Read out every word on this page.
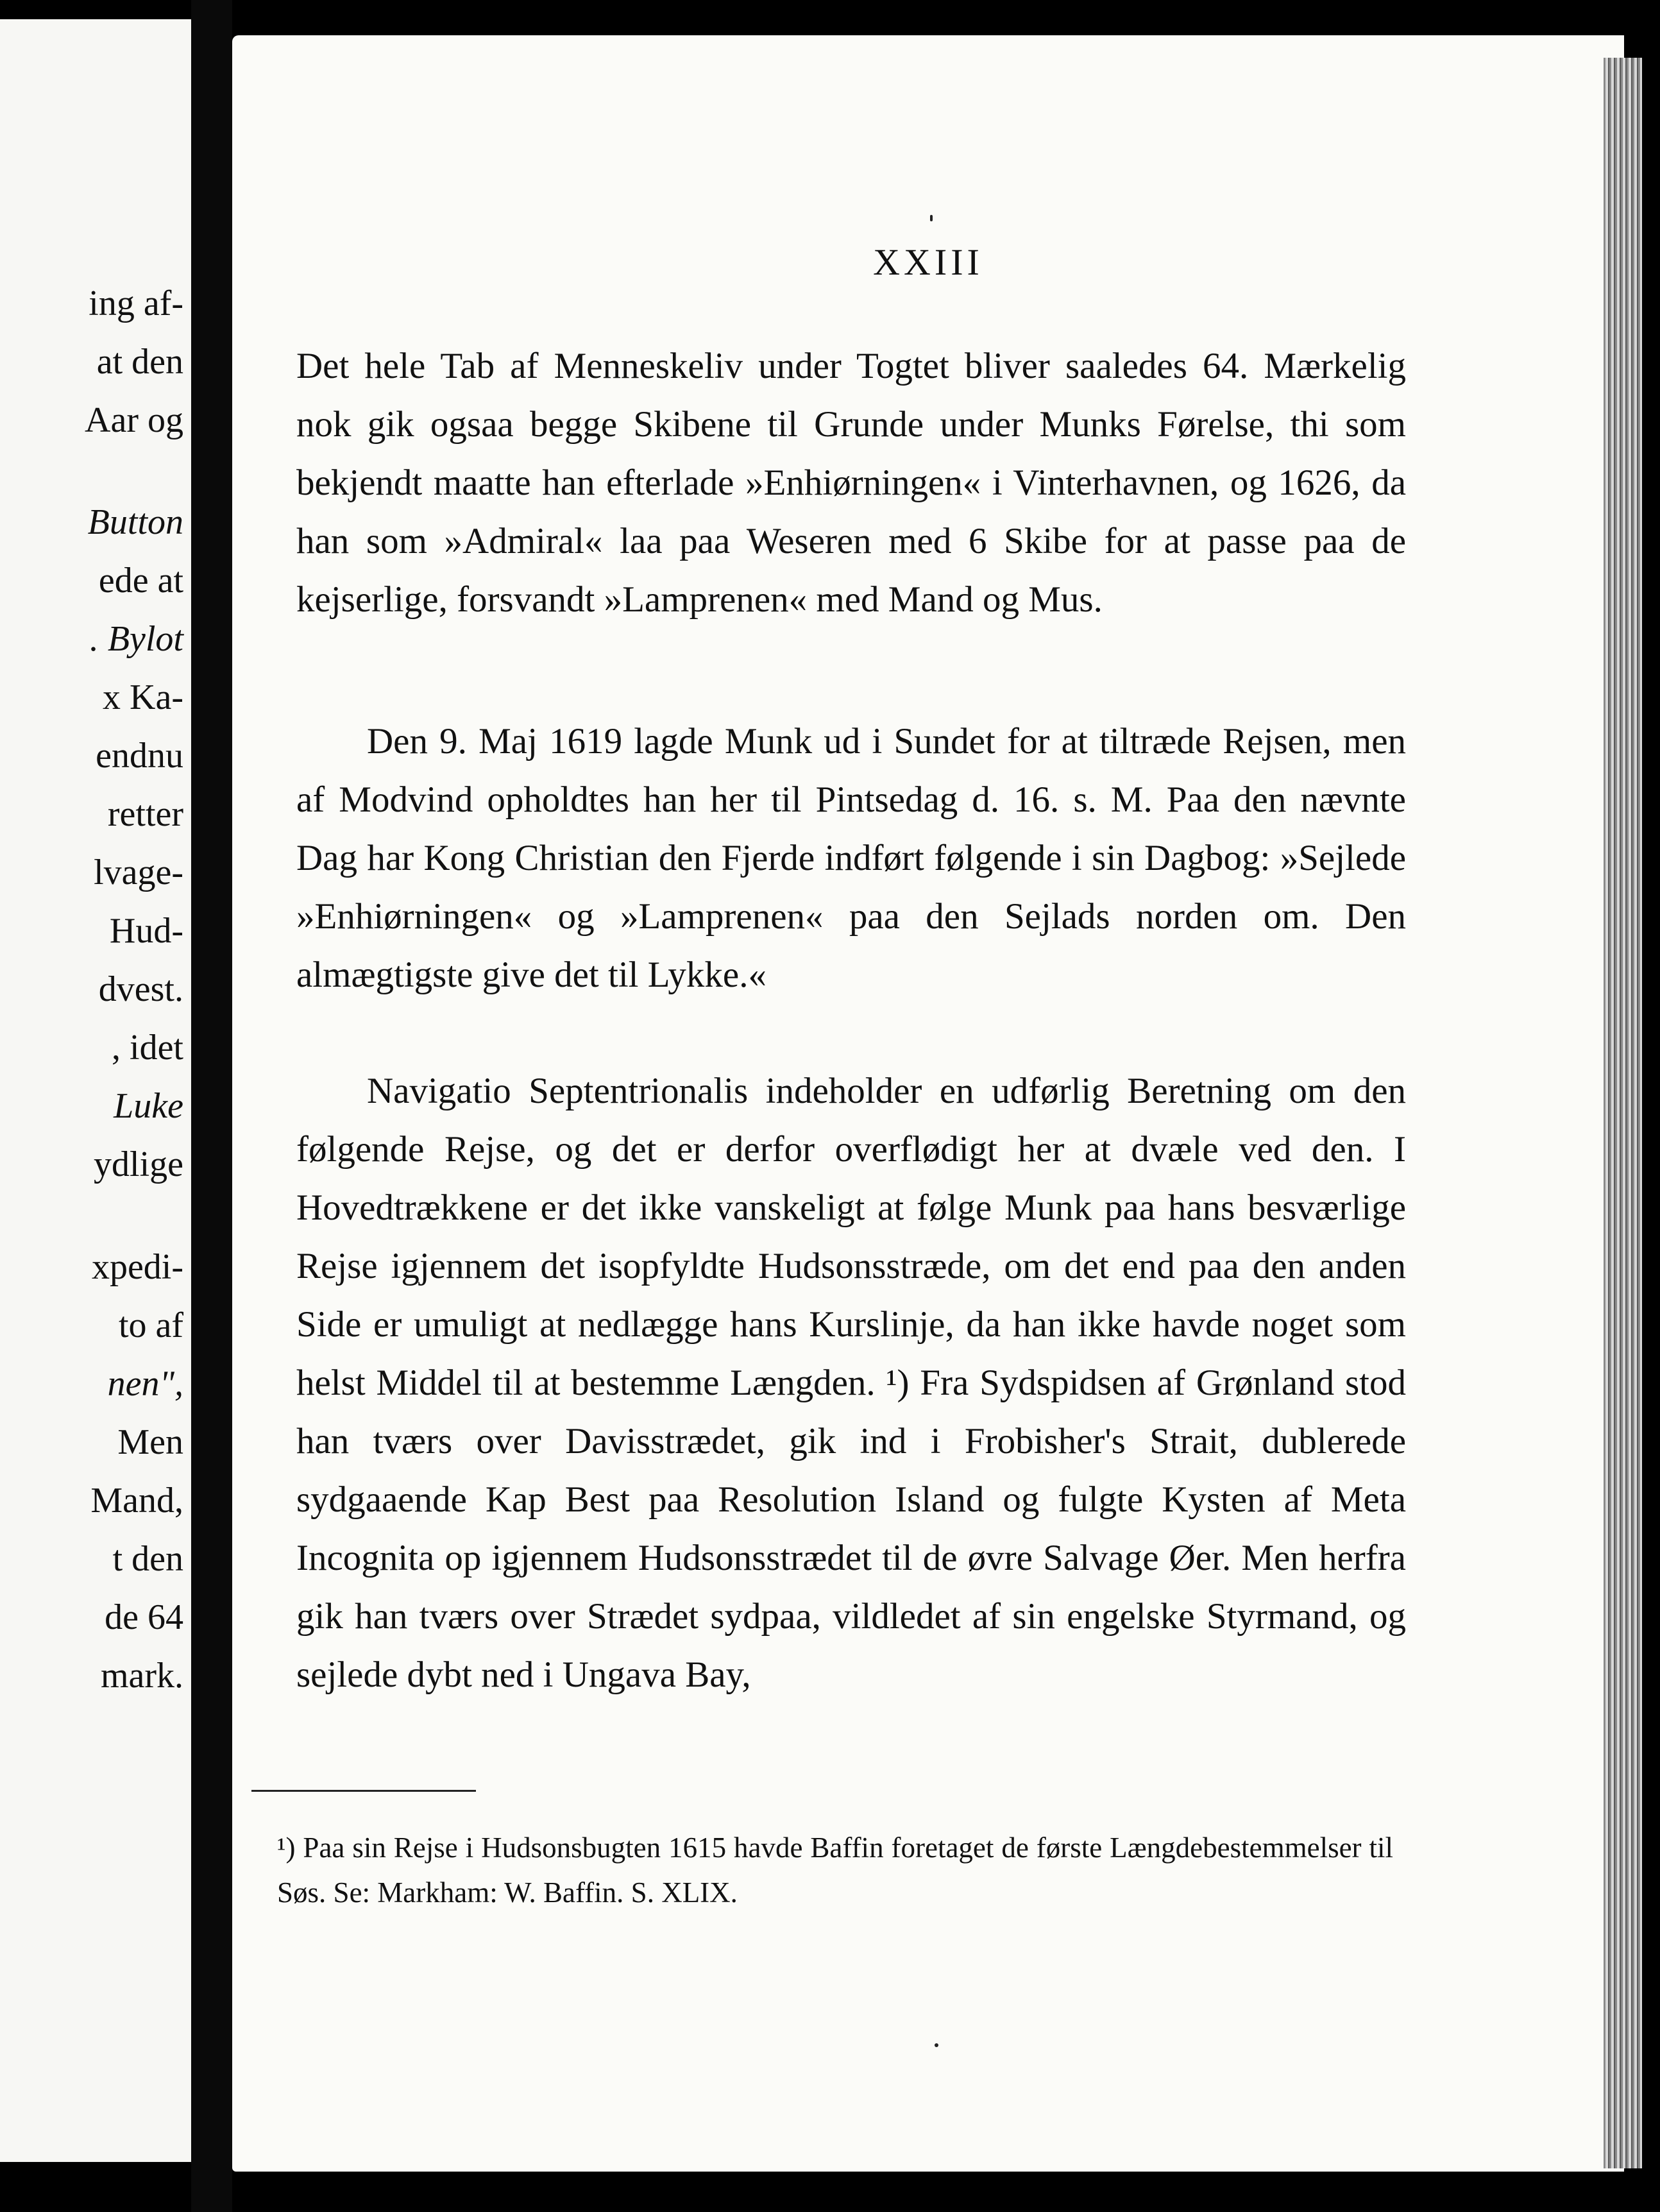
ing af-
at den
Aar og
Button
ede at
. Bylot
x Ka-
endnu
retter
lvage-
Hud-
dvest.
, idet
Luke
ydlige
xpedi-
to af
nen",
Men
Mand,
t den
de 64
mark.
XXIII

Det hele Tab af Menneskeliv under Togtet bliver saaledes 64. Mærkelig nok gik ogsaa begge Skibene til Grunde under Munks Førelse, thi som bekjendt maatte han efterlade »Enhiørningen« i Vinterhavnen, og 1626, da han som »Admiral« laa paa Weseren med 6 Skibe for at passe paa de kejserlige, forsvandt »Lamprenen« med Mand og Mus.

Den 9. Maj 1619 lagde Munk ud i Sundet for at tiltræde Rejsen, men af Modvind opholdtes han her til Pintsedag d. 16. s. M. Paa den nævnte Dag har Kong Christian den Fjerde indført følgende i sin Dagbog: »Sejlede »Enhiørningen« og »Lamprenen« paa den Sejlads norden om. Den almægtigste give det til Lykke.«

Navigatio Septentrionalis indeholder en udførlig Beretning om den følgende Rejse, og det er derfor overflødigt her at dvæle ved den. I Hovedtrækkene er det ikke vanskeligt at følge Munk paa hans besværlige Rejse igjennem det isopfyldte Hudsonsstræde, om det end paa den anden Side er umuligt at nedlægge hans Kurslinje, da han ikke havde noget som helst Middel til at bestemme Længden. ¹) Fra Sydspidsen af Grønland stod han tværs over Davisstrædet, gik ind i Frobisher's Strait, dublerede sydgaaende Kap Best paa Resolution Island og fulgte Kysten af Meta Incognita op igjennem Hudsonsstrædet til de øvre Salvage Øer. Men herfra gik han tværs over Strædet sydpaa, vildledet af sin engelske Styrmand, og sejlede dybt ned i Ungava Bay,

¹) Paa sin Rejse i Hudsonsbugten 1615 havde Baffin foretaget de første Længdebestemmelser til Søs. Se: Markham: W. Baffin. S. XLIX.
